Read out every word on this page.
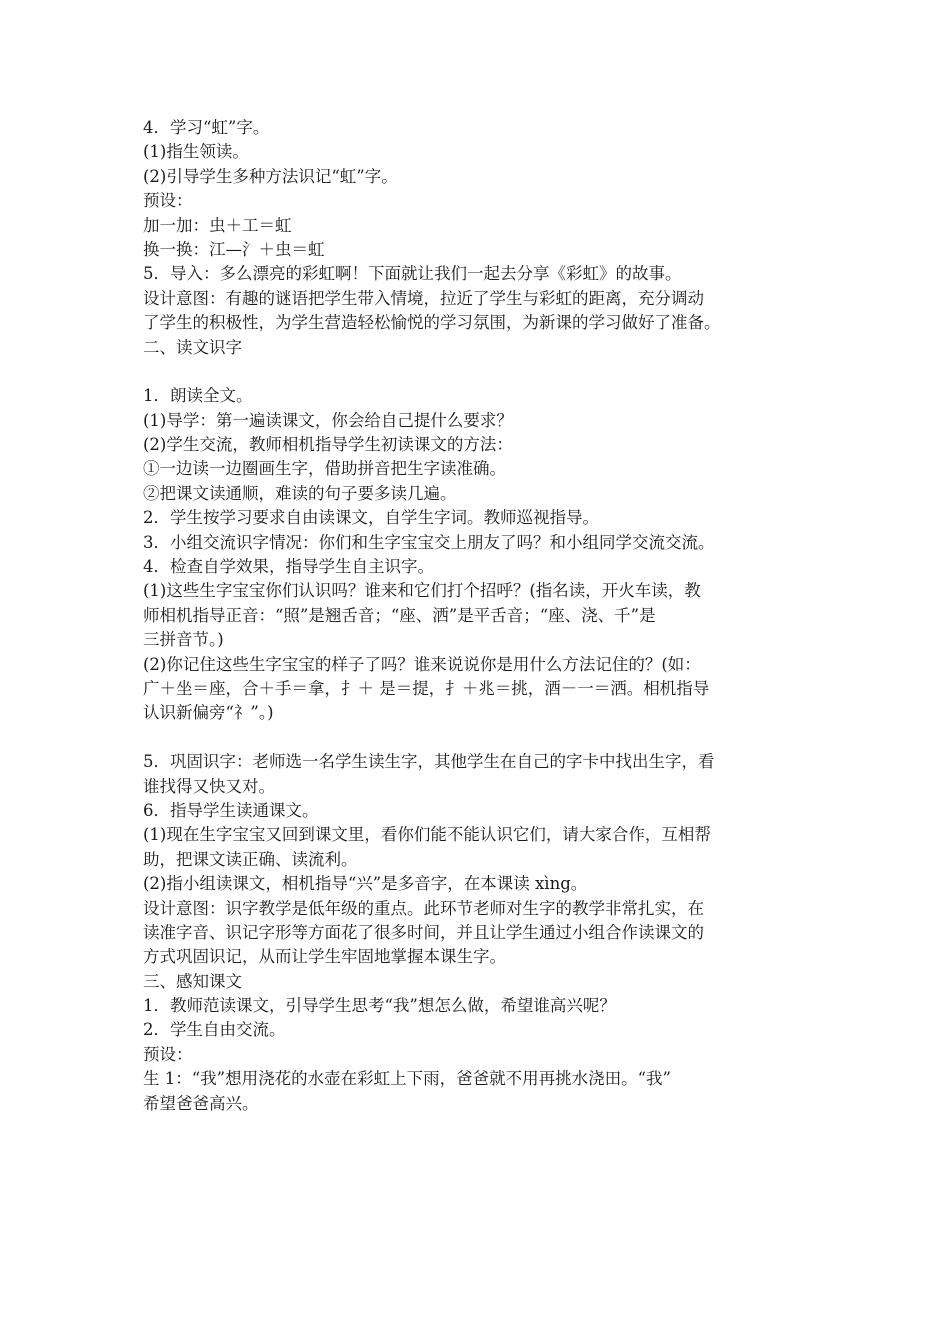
4．学习“虹”字。
(1)指生领读。
(2)引导学生多种方法识记“虹”字。
预设：
加一加：虫＋工＝虹
换一换：江—氵＋虫＝虹
5．导入：多么漂亮的彩虹啊！下面就让我们一起去分享《彩虹》的故事。
设计意图：有趣的谜语把学生带入情境，拉近了学生与彩虹的距离，充分调动
了学生的积极性，为学生营造轻松愉悦的学习氛围，为新课的学习做好了准备。
二、读文识字
1．朗读全文。
(1)导学：第一遍读课文，你会给自己提什么要求？
(2)学生交流，教师相机指导学生初读课文的方法：
①一边读一边圈画生字，借助拼音把生字读准确。
②把课文读通顺，难读的句子要多读几遍。
2．学生按学习要求自由读课文，自学生字词。教师巡视指导。
3．小组交流识字情况：你们和生字宝宝交上朋友了吗？和小组同学交流交流。
4．检查自学效果，指导学生自主识字。
(1)这些生字宝宝你们认识吗？谁来和它们打个招呼？(指名读，开火车读，教
师相机指导正音：“照”是翘舌音；“座、洒”是平舌音；“座、浇、千”是
三拼音节。)
(2)你记住这些生字宝宝的样子了吗？谁来说说你是用什么方法记住的？(如：
广＋坐＝座，合＋手＝拿，扌＋ 是＝提，扌＋兆＝挑，酒－一＝洒。相机指导
认识新偏旁“礻”。)
5．巩固识字：老师选一名学生读生字，其他学生在自己的字卡中找出生字，看
谁找得又快又对。
6．指导学生读通课文。
(1)现在生字宝宝又回到课文里，看你们能不能认识它们，请大家合作，互相帮
助，把课文读正确、读流利。
(2)指小组读课文，相机指导“兴”是多音字，在本课读 xìng。
设计意图：识字教学是低年级的重点。此环节老师对生字的教学非常扎实，在
读准字音、识记字形等方面花了很多时间，并且让学生通过小组合作读课文的
方式巩固识记，从而让学生牢固地掌握本课生字。
三、感知课文
1．教师范读课文，引导学生思考“我”想怎么做，希望谁高兴呢？
2．学生自由交流。
预设：
生 1：“我”想用浇花的水壶在彩虹上下雨，爸爸就不用再挑水浇田。“我”
希望爸爸高兴。
